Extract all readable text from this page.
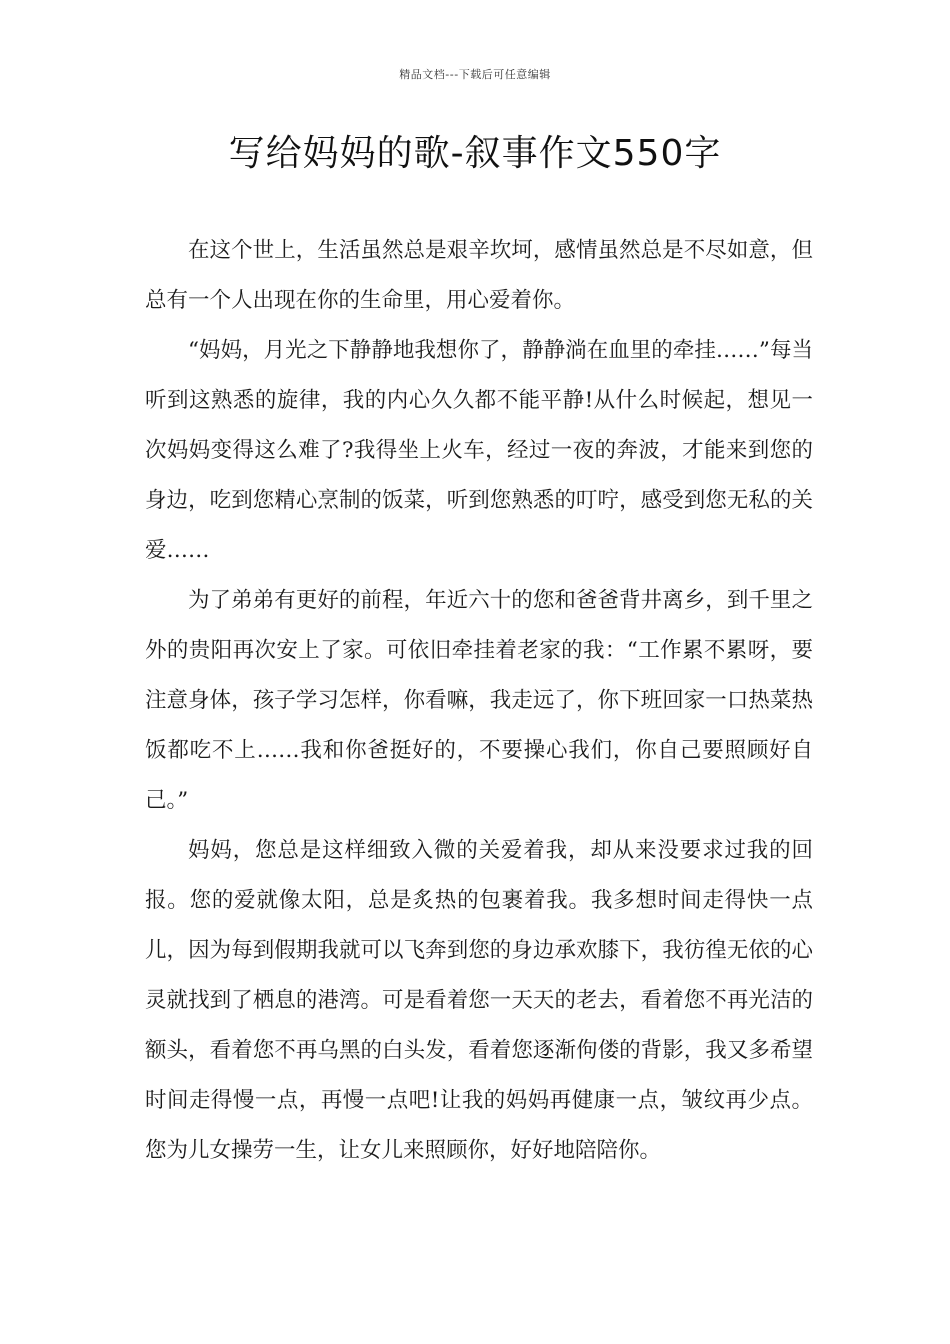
精品文档---下载后可任意编辑
写给妈妈的歌-叙事作文550字

在这个世上，生活虽然总是艰辛坎坷，感情虽然总是不尽如意，但总有一个人出现在你的生命里，用心爱着你。

“妈妈，月光之下静静地我想你了，静静淌在血里的牵挂……”每当听到这熟悉的旋律，我的内心久久都不能平静!从什么时候起，想见一次妈妈变得这么难了?我得坐上火车，经过一夜的奔波，才能来到您的身边，吃到您精心烹制的饭菜，听到您熟悉的叮咛，感受到您无私的关爱……

为了弟弟有更好的前程，年近六十的您和爸爸背井离乡，到千里之外的贵阳再次安上了家。可依旧牵挂着老家的我：“工作累不累呀，要注意身体，孩子学习怎样，你看嘛，我走远了，你下班回家一口热菜热饭都吃不上……我和你爸挺好的，不要操心我们，你自己要照顾好自己。”

妈妈，您总是这样细致入微的关爱着我，却从来没要求过我的回报。您的爱就像太阳，总是炙热的包裹着我。我多想时间走得快一点儿，因为每到假期我就可以飞奔到您的身边承欢膝下，我彷徨无依的心灵就找到了栖息的港湾。可是看着您一天天的老去，看着您不再光洁的额头，看着您不再乌黑的白头发，看着您逐渐佝偻的背影，我又多希望时间走得慢一点，再慢一点吧!让我的妈妈再健康一点，皱纹再少点。您为儿女操劳一生，让女儿来照顾你，好好地陪陪你。
